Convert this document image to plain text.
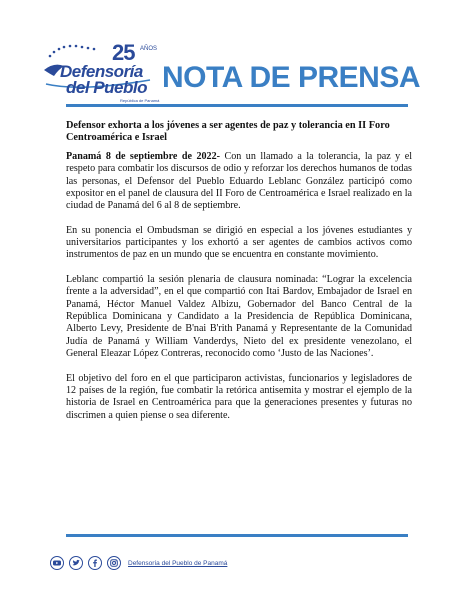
25 AÑOS
Defensoría
del Pueblo
República de Panamá
NOTA DE PRENSA
Defensor exhorta a los jóvenes a ser agentes de paz y tolerancia en II Foro Centroamérica e Israel

Panamá 8 de septiembre de 2022- Con un llamado a la tolerancia, la paz y el respeto para combatir los discursos de odio y reforzar los derechos humanos de todas las personas, el Defensor del Pueblo Eduardo Leblanc González participó como expositor en el panel de clausura del II Foro de Centroamérica e Israel realizado en la ciudad de Panamá del 6 al 8 de septiembre.

En su ponencia el Ombudsman se dirigió en especial a los jóvenes estudiantes y universitarios participantes y los exhortó a ser agentes de cambios activos como instrumentos de paz en un mundo que se encuentra en constante movimiento.

Leblanc compartió la sesión plenaria de clausura nominada: “Lograr la excelencia frente a la adversidad”, en el que compartió con Itai Bardov, Embajador de Israel en Panamá, Héctor Manuel Valdez Albizu, Gobernador del Banco Central de la República Dominicana y Candidato a la Presidencia de República Dominicana, Alberto Levy, Presidente de B'nai B'rith Panamá y Representante de la Comunidad Judía de Panamá y William Vanderdys, Nieto del ex presidente venezolano, el General Eleazar López Contreras, reconocido como ‘Justo de las Naciones’.

El objetivo del foro en el que participaron activistas, funcionarios y legisladores de 12 países de la región, fue combatir la retórica antisemita y mostrar el ejemplo de la historia de Israel en Centroamérica para que la generaciones presentes y futuras no discrimen a quien piense o sea diferente.

Defensoría del Pueblo de Panamá
